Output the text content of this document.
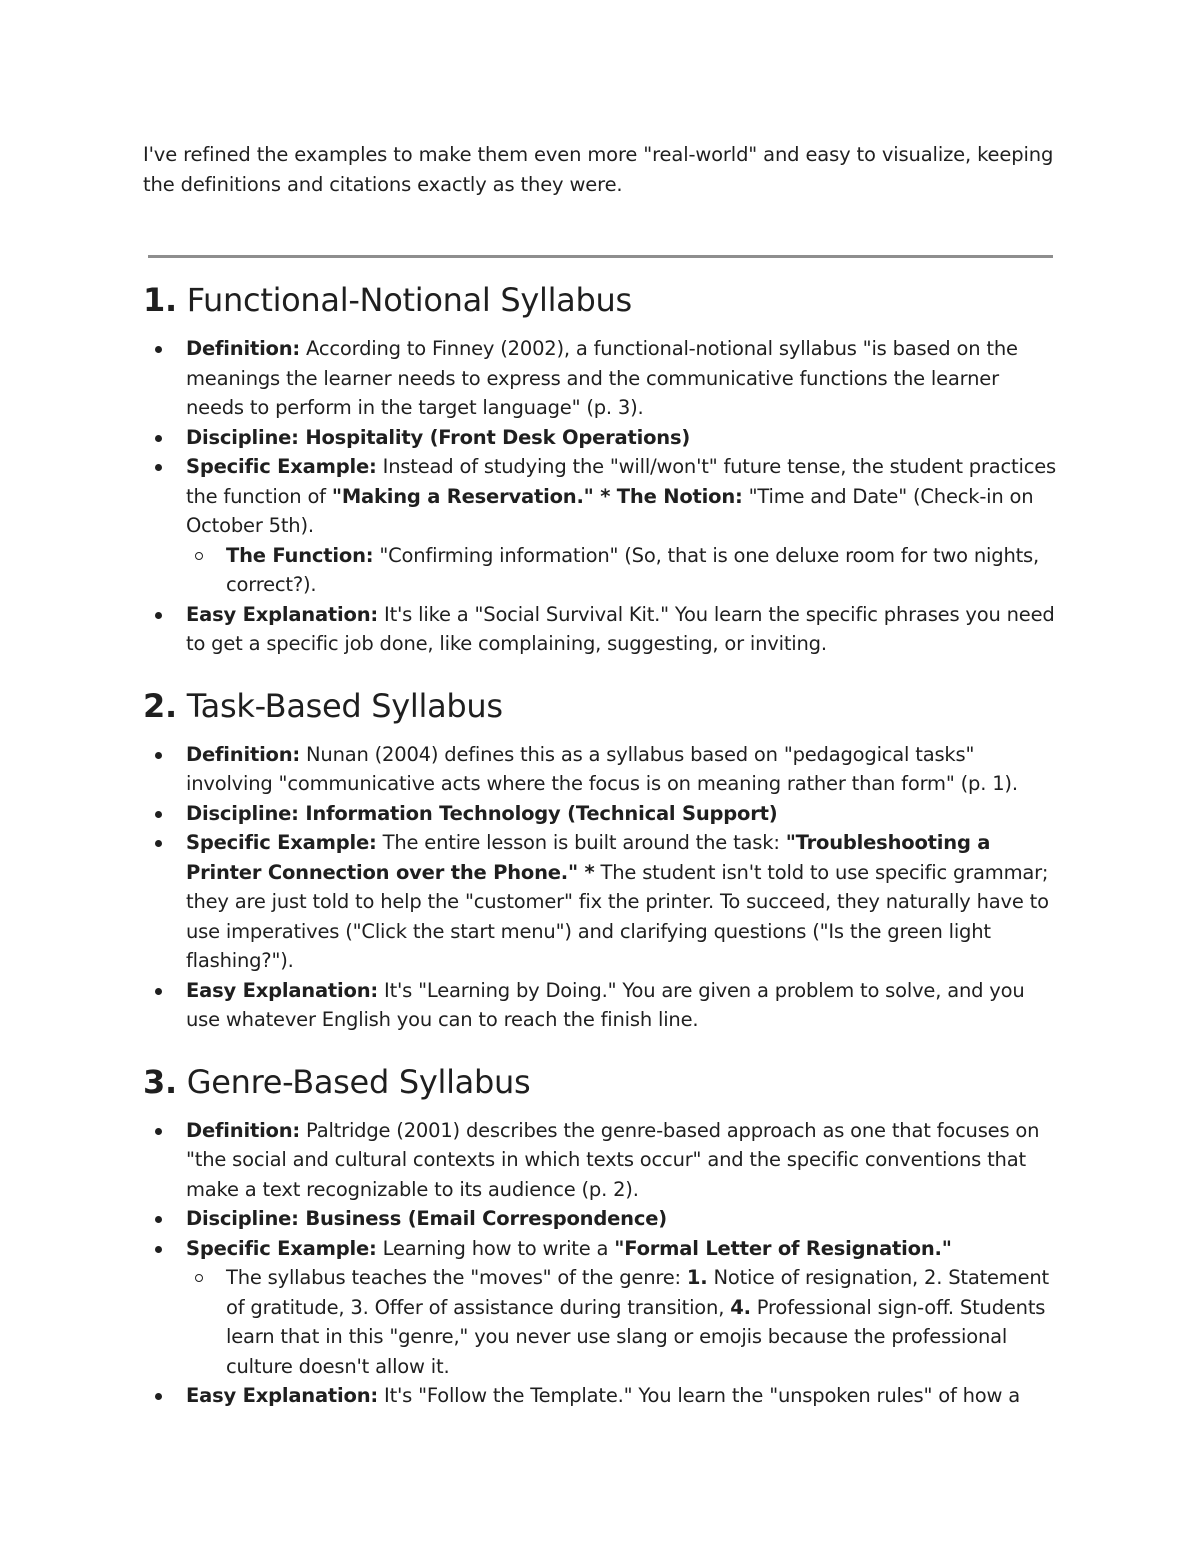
I've refined the examples to make them even more "real-world" and easy to visualize, keeping the definitions and citations exactly as they were.

1. Functional-Notional Syllabus
Definition: According to Finney (2002), a functional-notional syllabus "is based on the meanings the learner needs to express and the communicative functions the learner needs to perform in the target language" (p. 3).
Discipline: Hospitality (Front Desk Operations)
Specific Example: Instead of studying the "will/won't" future tense, the student practices the function of "Making a Reservation." * The Notion: "Time and Date" (Check-in on October 5th).
The Function: "Confirming information" (So, that is one deluxe room for two nights, correct?).
Easy Explanation: It's like a "Social Survival Kit." You learn the specific phrases you need to get a specific job done, like complaining, suggesting, or inviting.
2. Task-Based Syllabus
Definition: Nunan (2004) defines this as a syllabus based on "pedagogical tasks" involving "communicative acts where the focus is on meaning rather than form" (p. 1).
Discipline: Information Technology (Technical Support)
Specific Example: The entire lesson is built around the task: "Troubleshooting a Printer Connection over the Phone." * The student isn't told to use specific grammar; they are just told to help the "customer" fix the printer. To succeed, they naturally have to use imperatives ("Click the start menu") and clarifying questions ("Is the green light flashing?").
Easy Explanation: It's "Learning by Doing." You are given a problem to solve, and you use whatever English you can to reach the finish line.
3. Genre-Based Syllabus
Definition: Paltridge (2001) describes the genre-based approach as one that focuses on "the social and cultural contexts in which texts occur" and the specific conventions that make a text recognizable to its audience (p. 2).
Discipline: Business (Email Correspondence)
Specific Example: Learning how to write a "Formal Letter of Resignation."
The syllabus teaches the "moves" of the genre: 1. Notice of resignation, 2. Statement of gratitude, 3. Offer of assistance during transition, 4. Professional sign-off. Students learn that in this "genre," you never use slang or emojis because the professional culture doesn't allow it.
Easy Explanation: It's "Follow the Template." You learn the "unspoken rules" of how a
